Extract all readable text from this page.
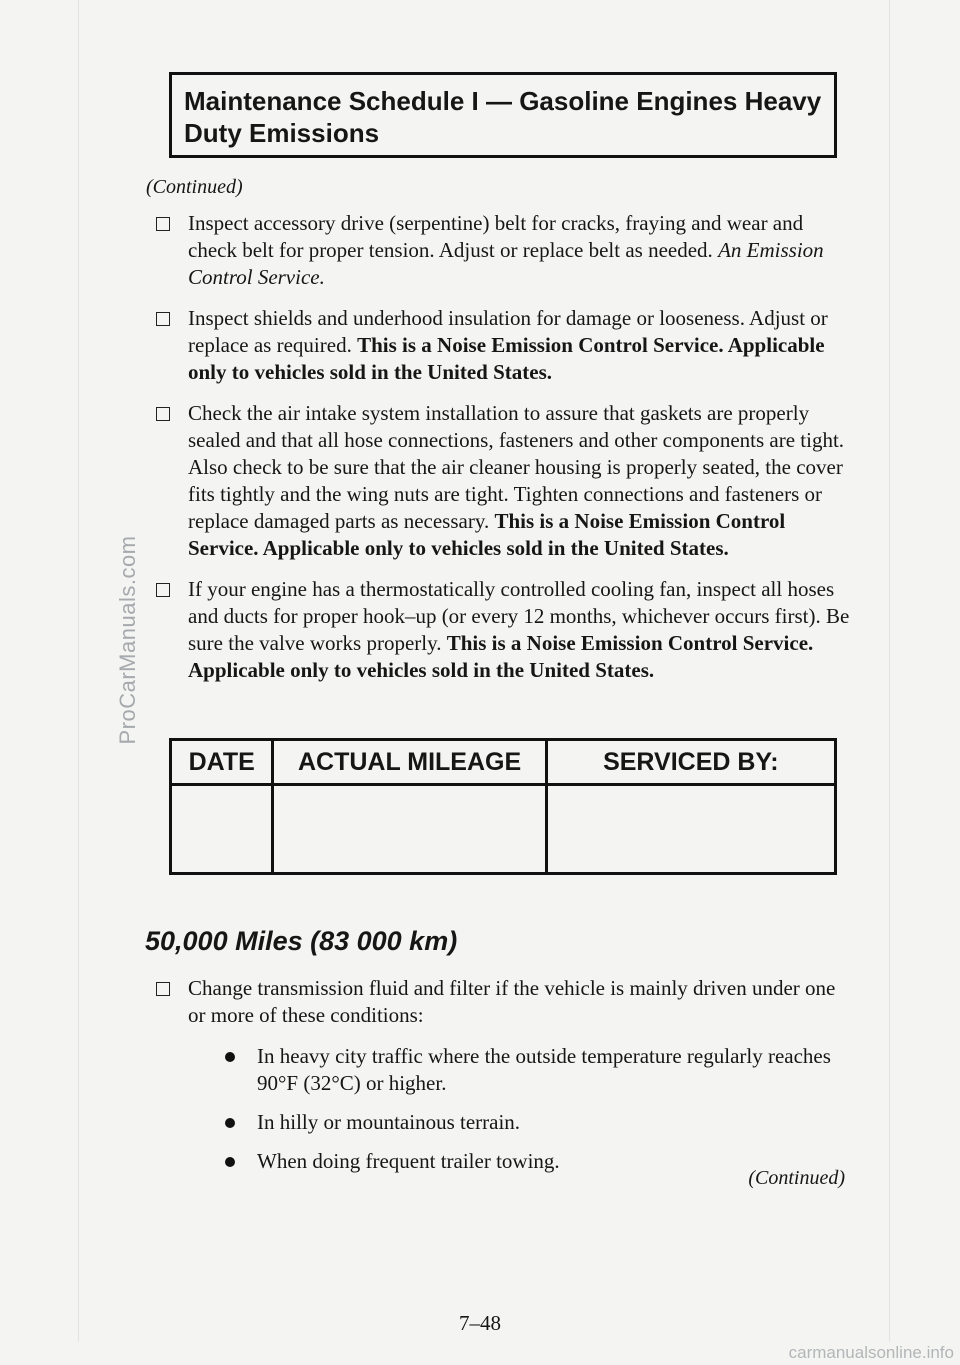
ProCarManuals.com
Maintenance Schedule I — Gasoline Engines Heavy Duty Emissions
(Continued)
Inspect accessory drive (serpentine) belt for cracks, fraying and wear and check belt for proper tension. Adjust or replace belt as needed. An Emission Control Service.
Inspect shields and underhood insulation for damage or looseness. Adjust or replace as required. This is a Noise Emission Control Service. Applicable only to vehicles sold in the United States.
Check the air intake system installation to assure that gaskets are properly sealed and that all hose connections, fasteners and other components are tight. Also check to be sure that the air cleaner housing is properly seated, the cover fits tightly and the wing nuts are tight. Tighten connections and fasteners or replace damaged parts as necessary. This is a Noise Emission Control Service. Applicable only to vehicles sold in the United States.
If your engine has a thermostatically controlled cooling fan, inspect all hoses and ducts for proper hook–up (or every 12 months, whichever occurs first). Be sure the valve works properly. This is a Noise Emission Control Service. Applicable only to vehicles sold in the United States.
DATE	ACTUAL MILEAGE	SERVICED BY:

50,000 Miles (83 000 km)
Change transmission fluid and filter if the vehicle is mainly driven under one or more of these conditions:
In heavy city traffic where the outside temperature regularly reaches 90°F (32°C) or higher.
In hilly or mountainous terrain.
When doing frequent trailer towing.
(Continued)
7–48
carmanualsonline.info
